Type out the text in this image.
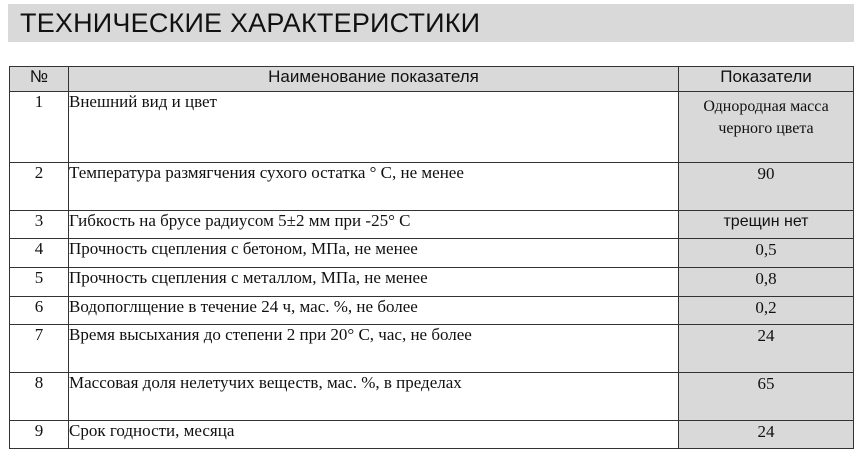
ТЕХНИЧЕСКИЕ ХАРАКТЕРИСТИКИ
№	Наименование показателя	Показатели
1	Внешний вид и цвет	Однородная масса черного цвета
2	Температура размягчения сухого остатка ° С, не менее	90
3	Гибкость на брусе радиусом 5±2 мм при -25° С	трещин нет
4	Прочность сцепления с бетоном, МПа, не менее	0,5
5	Прочность сцепления с металлом, МПа, не менее	0,8
6	Водопоглщение в течение 24 ч, мас. %, не более	0,2
7	Время высыхания до степени 2 при 20° С, час, не более	24
8	Массовая доля нелетучих веществ, мас. %, в пределах	65
9	Срок годности, месяца	24
